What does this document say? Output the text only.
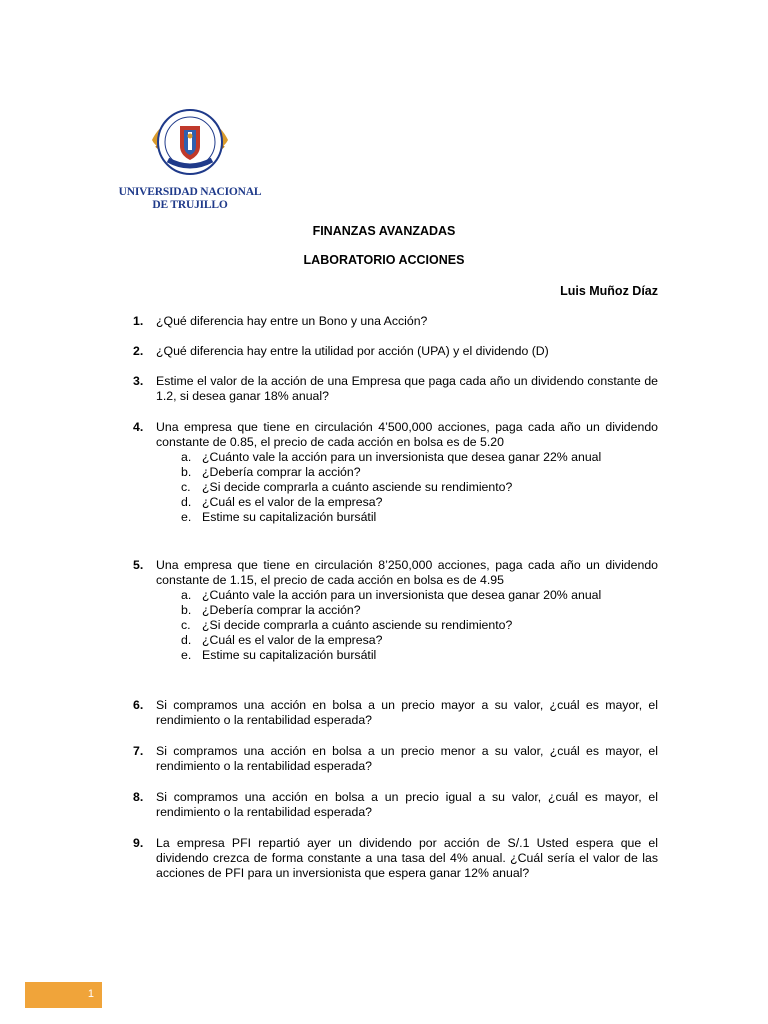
UNIVERSIDAD NACIONAL
DE TRUJILLO
FINANZAS AVANZADAS
LABORATORIO ACCIONES
Luis Muñoz Díaz
1. ¿Qué diferencia hay entre un Bono y una Acción?
2. ¿Qué diferencia hay entre la utilidad por acción (UPA) y el dividendo (D)
3. Estime el valor de la acción de una Empresa que paga cada año un dividendo constante de 1.2, si desea ganar 18% anual?
4. Una empresa que tiene en circulación 4’500,000 acciones, paga cada año un dividendo constante de 0.85, el precio de cada acción en bolsa es de 5.20
a. ¿Cuánto vale la acción para un inversionista que desea ganar 22% anual
b. ¿Debería comprar la acción?
c. ¿Si decide comprarla a cuánto asciende su rendimiento?
d. ¿Cuál es el valor de la empresa?
e. Estime su capitalización bursátil
5. Una empresa que tiene en circulación 8’250,000 acciones, paga cada año un dividendo constante de 1.15, el precio de cada acción en bolsa es de 4.95
a. ¿Cuánto vale la acción para un inversionista que desea ganar 20% anual
b. ¿Debería comprar la acción?
c. ¿Si decide comprarla a cuánto asciende su rendimiento?
d. ¿Cuál es el valor de la empresa?
e. Estime su capitalización bursátil
6. Si compramos una acción en bolsa a un precio mayor a su valor, ¿cuál es mayor, el rendimiento o la rentabilidad esperada?
7. Si compramos una acción en bolsa a un precio menor a su valor, ¿cuál es mayor, el rendimiento o la rentabilidad esperada?
8. Si compramos una acción en bolsa a un precio igual a su valor, ¿cuál es mayor, el rendimiento o la rentabilidad esperada?
9. La empresa PFI repartió ayer un dividendo por acción de S/.1 Usted espera que el dividendo crezca de forma constante a una tasa del 4% anual. ¿Cuál sería el valor de las acciones de PFI para un inversionista que espera ganar 12% anual?
1
